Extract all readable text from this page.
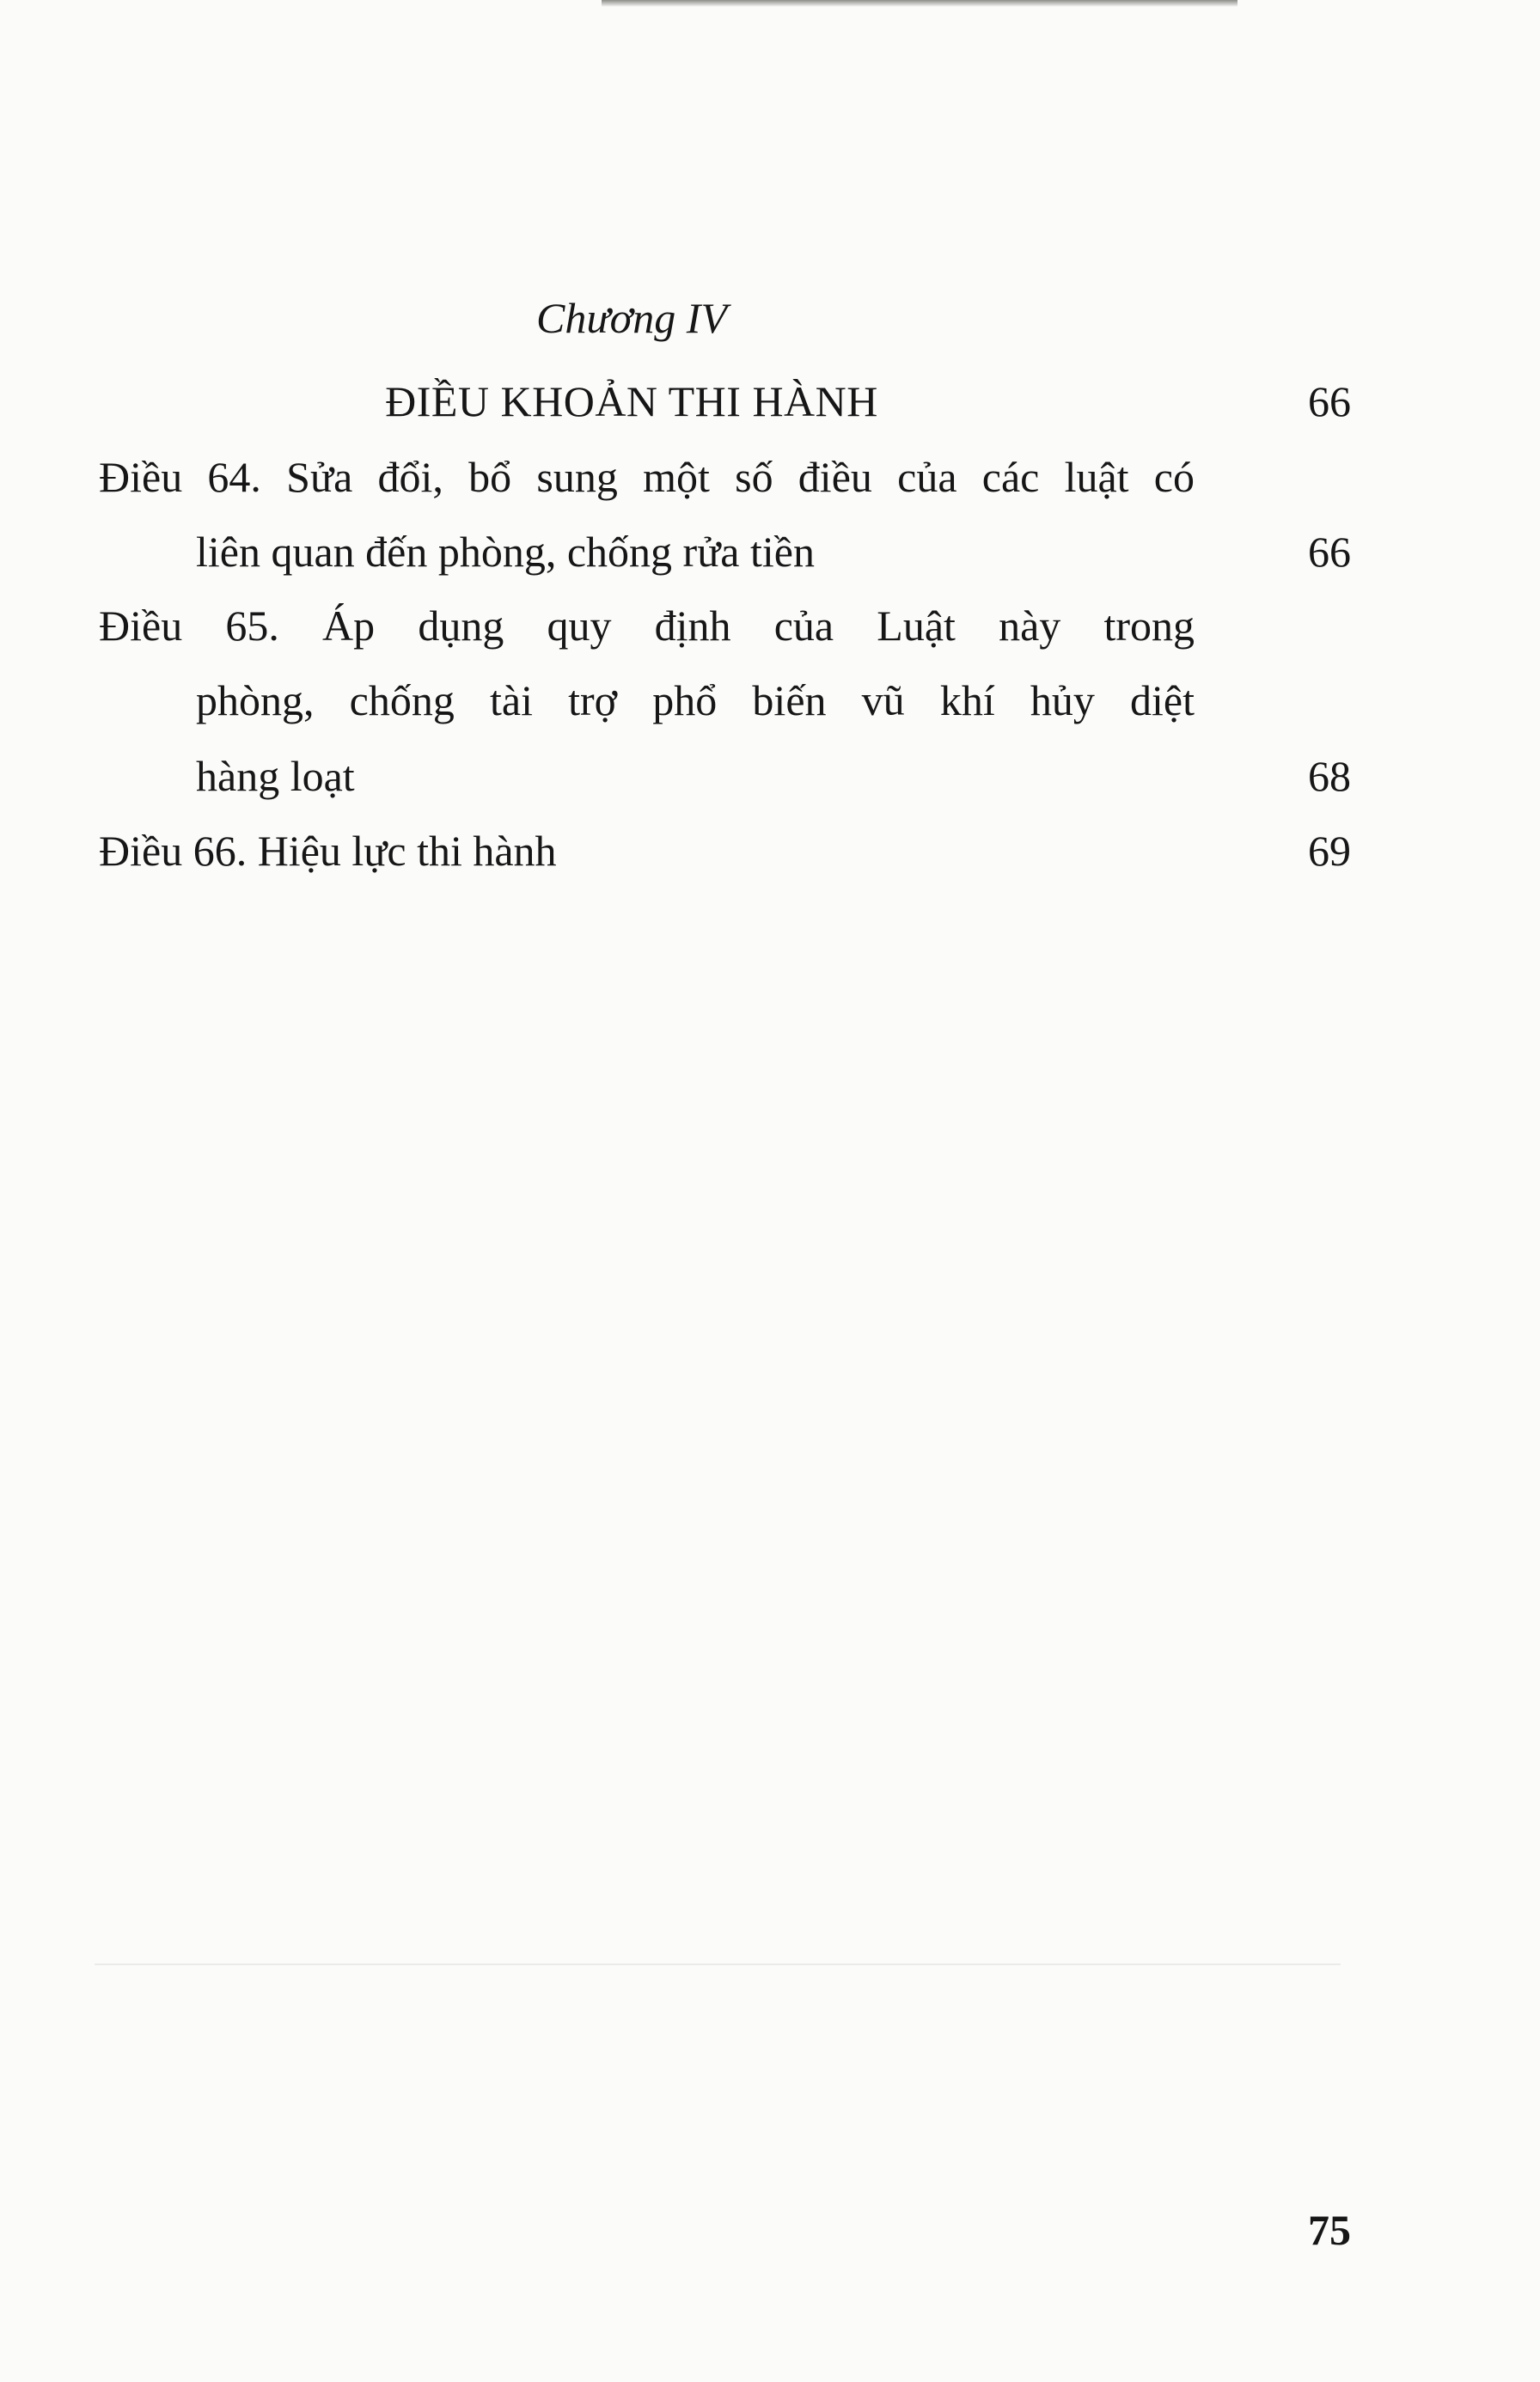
Chương IV
ĐIỀU KHOẢN THI HÀNH	66
Điều 64. Sửa đổi, bổ sung một số điều của các luật có
liên quan đến phòng, chống rửa tiền	66
Điều 65. Áp dụng quy định của Luật này trong
phòng, chống tài trợ phổ biến vũ khí hủy diệt
hàng loạt	68
Điều 66. Hiệu lực thi hành	69
75
